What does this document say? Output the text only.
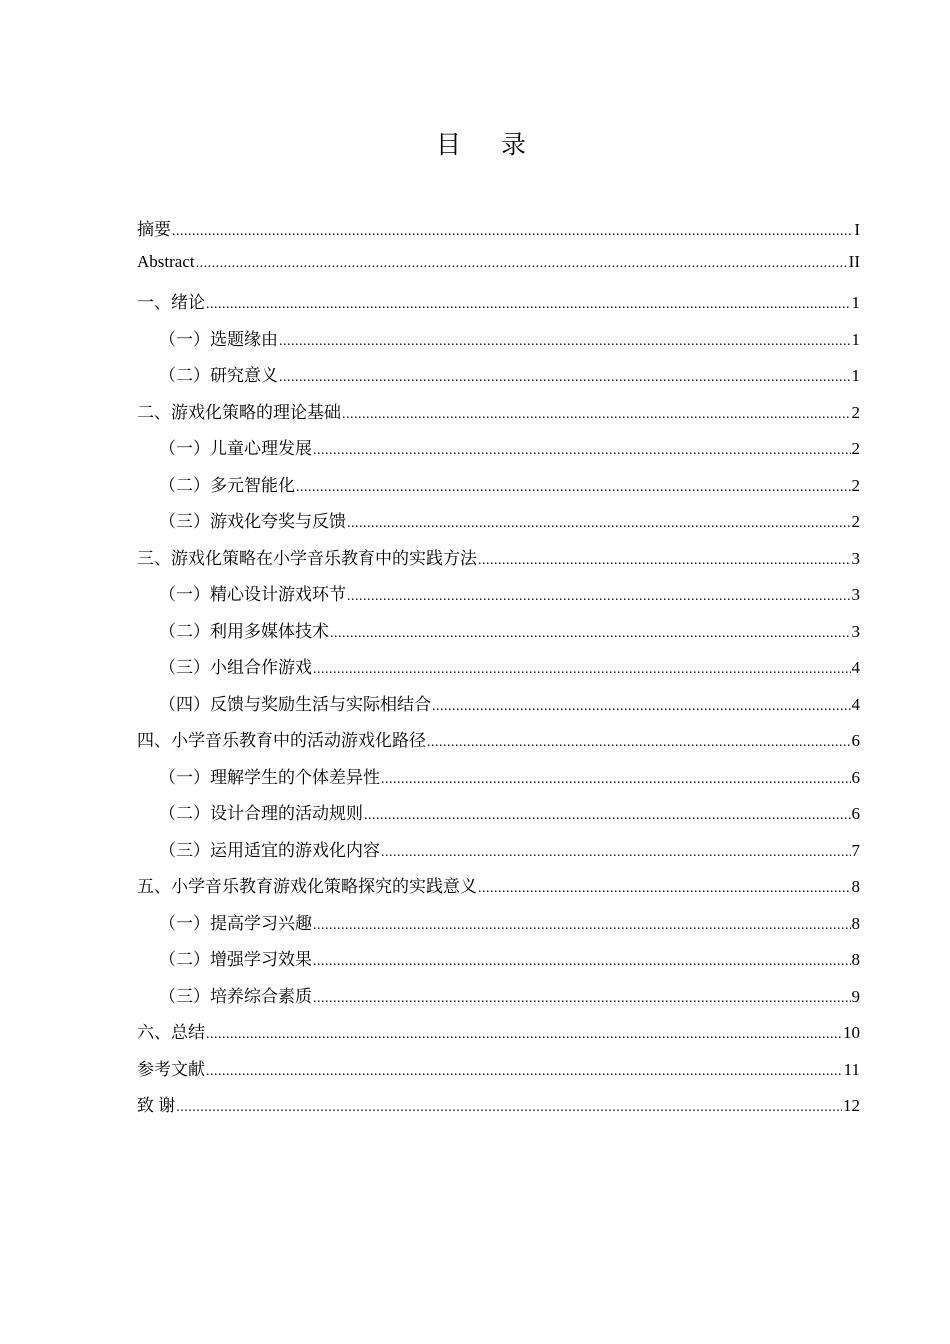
目 录
摘要 .....	I
Abstract .....	II
一、绪论 .....	1
（一）选题缘由 .....	1
（二）研究意义 .....	1
二、游戏化策略的理论基础 .....	2
（一）儿童心理发展 .....	2
（二）多元智能化 .....	2
（三）游戏化夸奖与反馈 .....	2
三、游戏化策略在小学音乐教育中的实践方法 .....	3
（一）精心设计游戏环节 .....	3
（二）利用多媒体技术 .....	3
（三）小组合作游戏 .....	4
（四）反馈与奖励生活与实际相结合 .....	4
四、小学音乐教育中的活动游戏化路径 .....	6
（一）理解学生的个体差异性 .....	6
（二）设计合理的活动规则 .....	6
（三）运用适宜的游戏化内容 .....	7
五、小学音乐教育游戏化策略探究的实践意义 .....	8
（一）提高学习兴趣 .....	8
（二）增强学习效果 .....	8
（三）培养综合素质 .....	9
六、总结 .....	10
参考文献 .....	11
致 谢 .....	12
